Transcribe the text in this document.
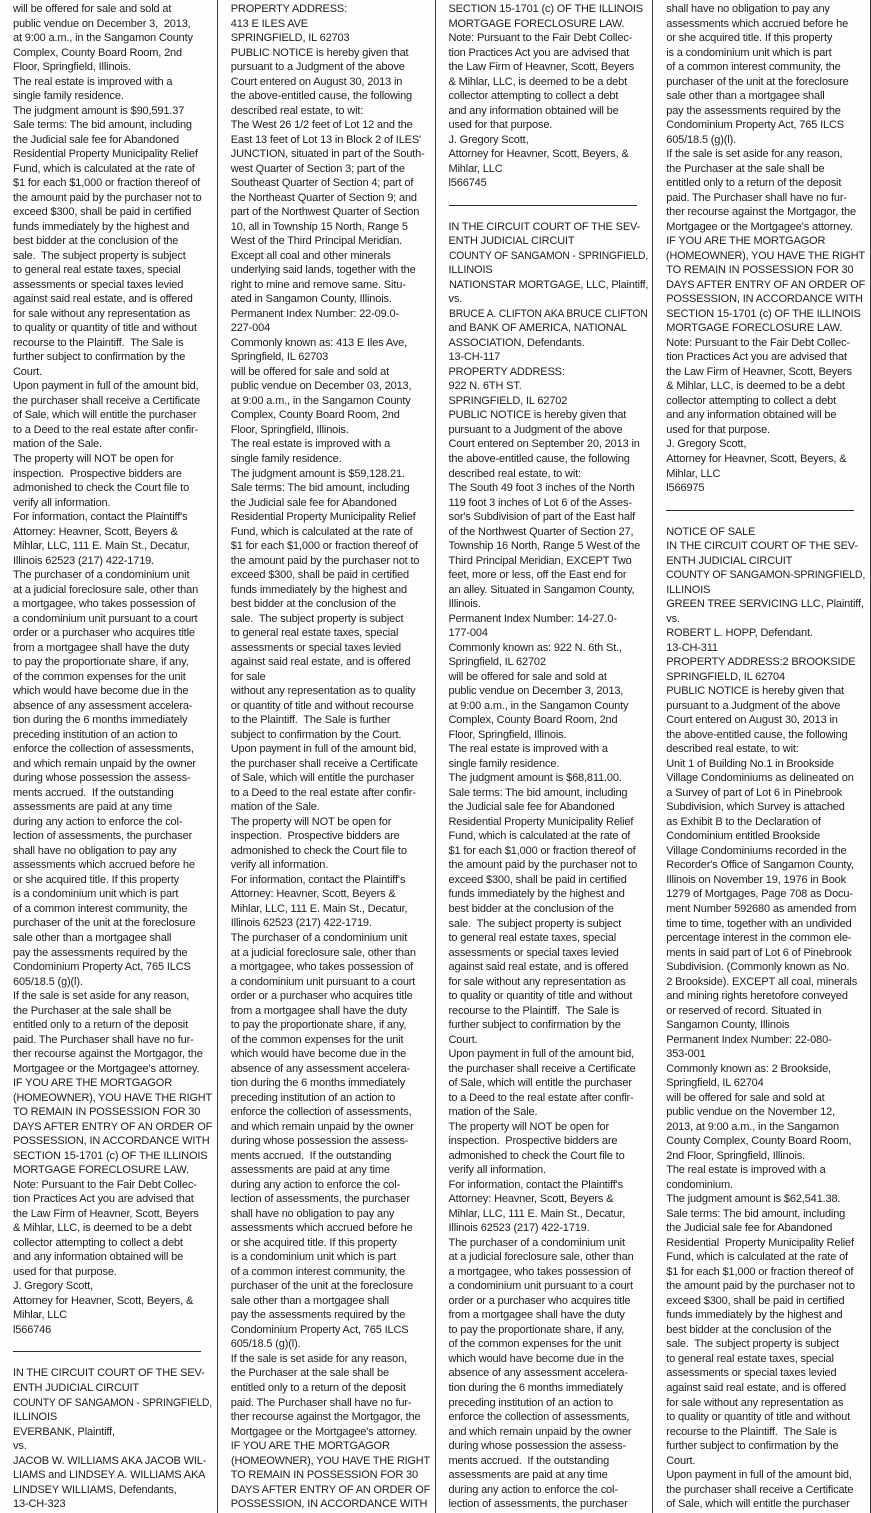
will be offered for sale and sold at
public vendue on December 3,  2013,
at 9:00 a.m., in the Sangamon County
Complex, County Board Room, 2nd
Floor, Springfield, Illinois.
The real estate is improved with a
single family residence.
The judgment amount is $90,591.37
Sale terms: The bid amount, including
the Judicial sale fee for Abandoned
Residential Property Municipality Relief
Fund, which is calculated at the rate of
$1 for each $1,000 or fraction thereof of
the amount paid by the purchaser not to
exceed $300, shall be paid in certified
funds immediately by the highest and
best bidder at the conclusion of the
sale.  The subject property is subject
to general real estate taxes, special
assessments or special taxes levied
against said real estate, and is offered
for sale without any representation as
to quality or quantity of title and without
recourse to the Plaintiff.  The Sale is
further subject to confirmation by the
Court.
Upon payment in full of the amount bid,
the purchaser shall receive a Certificate
of Sale, which will entitle the purchaser
to a Deed to the real estate after confir-
mation of the Sale.
The property will NOT be open for
inspection.  Prospective bidders are
admonished to check the Court file to
verify all information.
For information, contact the Plaintiff's
Attorney: Heavner, Scott, Beyers &
Mihlar, LLC, 111 E. Main St., Decatur,
Illinois 62523 (217) 422-1719.
The purchaser of a condominium unit
at a judicial foreclosure sale, other than
a mortgagee, who takes possession of
a condominium unit pursuant to a court
order or a purchaser who acquires title
from a mortgagee shall have the duty
to pay the proportionate share, if any,
of the common expenses for the unit
which would have become due in the
absence of any assessment accelera-
tion during the 6 months immediately
preceding institution of an action to
enforce the collection of assessments,
and which remain unpaid by the owner
during whose possession the assess-
ments accrued.  If the outstanding
assessments are paid at any time
during any action to enforce the col-
lection of assessments, the purchaser
shall have no obligation to pay any
assessments which accrued before he
or she acquired title. If this property
is a condominium unit which is part
of a common interest community, the
purchaser of the unit at the foreclosure
sale other than a mortgagee shall
pay the assessments required by the
Condominium Property Act, 765 ILCS
605/18.5 (g)(l).
If the sale is set aside for any reason,
the Purchaser at the sale shall be
entitled only to a return of the deposit
paid. The Purchaser shall have no fur-
ther recourse against the Mortgagor, the
Mortgagee or the Mortgagee's attorney.
IF YOU ARE THE MORTGAGOR
(HOMEOWNER), YOU HAVE THE RIGHT
TO REMAIN IN POSSESSION FOR 30
DAYS AFTER ENTRY OF AN ORDER OF
POSSESSION, IN ACCORDANCE WITH
SECTION 15-1701 (c) OF THE ILLINOIS
MORTGAGE FORECLOSURE LAW.
Note: Pursuant to the Fair Debt Collec-
tion Practices Act you are advised that
the Law Firm of Heavner, Scott, Beyers
& Mihlar, LLC, is deemed to be a debt
collector attempting to collect a debt
and any information obtained will be
used for that purpose.
J. Gregory Scott,
Attorney for Heavner, Scott, Beyers, &
Mihlar, LLC
l566746
IN THE CIRCUIT COURT OF THE SEV-
ENTH JUDICIAL CIRCUIT
COUNTY OF SANGAMON - SPRINGFIELD,
ILLINOIS
EVERBANK, Plaintiff,
vs.
JACOB W. WILLIAMS AKA JACOB WIL-
LIAMS and LINDSEY A. WILLIAMS AKA
LINDSEY WILLIAMS, Defendants,
13-CH-323
PROPERTY ADDRESS:
413 E ILES AVE
SPRINGFIELD, IL 62703
PUBLIC NOTICE is hereby given that
pursuant to a Judgment of the above
Court entered on August 30, 2013 in
the above-entitled cause, the following
described real estate, to wit:
The West 26 1/2 feet of Lot 12 and the
East 13 feet of Lot 13 in Block 2 of ILES'
JUNCTION, situated in part of the South-
west Quarter of Section 3; part of the
Southeast Quarter of Section 4; part of
the Northeast Quarter of Section 9; and
part of the Northwest Quarter of Section
10, all in Township 15 North, Range 5
West of the Third Principal Meridian.
Except all coal and other minerals
underlying said lands, together with the
right to mine and remove same. Situ-
ated in Sangamon County, Illinois.
Permanent Index Number: 22-09.0-
227-004
Commonly known as: 413 E Iles Ave,
Springfield, IL 62703
will be offered for sale and sold at
public vendue on December 03, 2013,
at 9:00 a.m., in the Sangamon County
Complex, County Board Room, 2nd
Floor, Springfield, Illinois.
The real estate is improved with a
single family residence.
The judgment amount is $59,128.21.
Sale terms: The bid amount, including
the Judicial sale fee for Abandoned
Residential Property Municipality Relief
Fund, which is calculated at the rate of
$1 for each $1,000 or fraction thereof of
the amount paid by the purchaser not to
exceed $300, shall be paid in certified
funds immediately by the highest and
best bidder at the conclusion of the
sale.  The subject property is subject
to general real estate taxes, special
assessments or special taxes levied
against said real estate, and is offered
for sale
without any representation as to quality
or quantity of title and without recourse
to the Plaintiff.  The Sale is further
subject to confirmation by the Court.
Upon payment in full of the amount bid,
the purchaser shall receive a Certificate
of Sale, which will entitle the purchaser
to a Deed to the real estate after confir-
mation of the Sale.
The property will NOT be open for
inspection.  Prospective bidders are
admonished to check the Court file to
verify all information.
For information, contact the Plaintiff's
Attorney: Heavner, Scott, Beyers &
Mihlar, LLC, 111 E. Main St., Decatur,
Illinois 62523 (217) 422-1719.
The purchaser of a condominium unit
at a judicial foreclosure sale, other than
a mortgagee, who takes possession of
a condominium unit pursuant to a court
order or a purchaser who acquires title
from a mortgagee shall have the duty
to pay the proportionate share, if any,
of the common expenses for the unit
which would have become due in the
absence of any assessment accelera-
tion during the 6 months immediately
preceding institution of an action to
enforce the collection of assessments,
and which remain unpaid by the owner
during whose possession the assess-
ments accrued.  If the outstanding
assessments are paid at any time
during any action to enforce the col-
lection of assessments, the purchaser
shall have no obligation to pay any
assessments which accrued before he
or she acquired title. If this property
is a condominium unit which is part
of a common interest community, the
purchaser of the unit at the foreclosure
sale other than a mortgagee shall
pay the assessments required by the
Condominium Property Act, 765 ILCS
605/18.5 (g)(l).
If the sale is set aside for any reason,
the Purchaser at the sale shall be
entitled only to a return of the deposit
paid. The Purchaser shall have no fur-
ther recourse against the Mortgagor, the
Mortgagee or the Mortgagee's attorney.
IF YOU ARE THE MORTGAGOR
(HOMEOWNER), YOU HAVE THE RIGHT
TO REMAIN IN POSSESSION FOR 30
DAYS AFTER ENTRY OF AN ORDER OF
POSSESSION, IN ACCORDANCE WITH
SECTION 15-1701 (c) OF THE ILLINOIS
MORTGAGE FORECLOSURE LAW.
Note: Pursuant to the Fair Debt Collec-
tion Practices Act you are advised that
the Law Firm of Heavner, Scott, Beyers
& Mihlar, LLC, is deemed to be a debt
collector attempting to collect a debt
and any information obtained will be
used for that purpose.
J. Gregory Scott,
Attorney for Heavner, Scott, Beyers, &
Mihlar, LLC
l566745
IN THE CIRCUIT COURT OF THE SEV-
ENTH JUDICIAL CIRCUIT
COUNTY OF SANGAMON - SPRINGFIELD,
ILLINOIS
NATIONSTAR MORTGAGE, LLC, Plaintiff,
vs.
BRUCE A. CLIFTON AKA BRUCE CLIFTON
and BANK OF AMERICA, NATIONAL
ASSOCIATION, Defendants.
13-CH-117
PROPERTY ADDRESS:
922 N. 6TH ST.
SPRINGFIELD, IL 62702
PUBLIC NOTICE is hereby given that
pursuant to a Judgment of the above
Court entered on September 20, 2013 in
the above-entitled cause, the following
described real estate, to wit:
The South 49 foot 3 inches of the North
119 foot 3 inches of Lot 6 of the Asses-
sor's Subdivision of part of the East half
of the Northwest Quarter of Section 27,
Township 16 North, Range 5 West of the
Third Principal Meridian, EXCEPT Two
feet, more or less, off the East end for
an alley. Situated in Sangamon County,
Illinois.
Permanent Index Number: 14-27.0-
177-004
Commonly known as: 922 N. 6th St.,
Springfield, IL 62702
will be offered for sale and sold at
public vendue on December 3, 2013,
at 9:00 a.m., in the Sangamon County
Complex, County Board Room, 2nd
Floor, Springfield, Illinois.
The real estate is improved with a
single family residence.
The judgment amount is $68,811.00.
Sale terms: The bid amount, including
the Judicial sale fee for Abandoned
Residential Property Municipality Relief
Fund, which is calculated at the rate of
$1 for each $1,000 or fraction thereof of
the amount paid by the purchaser not to
exceed $300, shall be paid in certified
funds immediately by the highest and
best bidder at the conclusion of the
sale.  The subject property is subject
to general real estate taxes, special
assessments or special taxes levied
against said real estate, and is offered
for sale without any representation as
to quality or quantity of title and without
recourse to the Plaintiff.  The Sale is
further subject to confirmation by the
Court.
Upon payment in full of the amount bid,
the purchaser shall receive a Certificate
of Sale, which will entitle the purchaser
to a Deed to the real estate after confir-
mation of the Sale.
The property will NOT be open for
inspection.  Prospective bidders are
admonished to check the Court file to
verify all information.
For information, contact the Plaintiff's
Attorney: Heavner, Scott, Beyers &
Mihlar, LLC, 111 E. Main St., Decatur,
Illinois 62523 (217) 422-1719.
The purchaser of a condominium unit
at a judicial foreclosure sale, other than
a mortgagee, who takes possession of
a condominium unit pursuant to a court
order or a purchaser who acquires title
from a mortgagee shall have the duty
to pay the proportionate share, if any,
of the common expenses for the unit
which would have become due in the
absence of any assessment accelera-
tion during the 6 months immediately
preceding institution of an action to
enforce the collection of assessments,
and which remain unpaid by the owner
during whose possession the assess-
ments accrued.  If the outstanding
assessments are paid at any time
during any action to enforce the col-
lection of assessments, the purchaser
shall have no obligation to pay any
assessments which accrued before he
or she acquired title. If this property
is a condominium unit which is part
of a common interest community, the
purchaser of the unit at the foreclosure
sale other than a mortgagee shall
pay the assessments required by the
Condominium Property Act, 765 ILCS
605/18.5 (g)(l).
If the sale is set aside for any reason,
the Purchaser at the sale shall be
entitled only to a return of the deposit
paid. The Purchaser shall have no fur-
ther recourse against the Mortgagor, the
Mortgagee or the Mortgagee's attorney.
IF YOU ARE THE MORTGAGOR
(HOMEOWNER), YOU HAVE THE RIGHT
TO REMAIN IN POSSESSION FOR 30
DAYS AFTER ENTRY OF AN ORDER OF
POSSESSION, IN ACCORDANCE WITH
SECTION 15-1701 (c) OF THE ILLINOIS
MORTGAGE FORECLOSURE LAW.
Note: Pursuant to the Fair Debt Collec-
tion Practices Act you are advised that
the Law Firm of Heavner, Scott, Beyers
& Mihlar, LLC, is deemed to be a debt
collector attempting to collect a debt
and any information obtained will be
used for that purpose.
J. Gregory Scott,
Attorney for Heavner, Scott, Beyers, &
Mihlar, LLC
l566975
NOTICE OF SALE
IN THE CIRCUIT COURT OF THE SEV-
ENTH JUDICIAL CIRCUIT
COUNTY OF SANGAMON-SPRINGFIELD,
ILLINOIS
GREEN TREE SERVICING LLC, Plaintiff,
vs.
ROBERT L. HOPP, Defendant.
13-CH-311
PROPERTY ADDRESS:2 BROOKSIDE
SPRINGFIELD, IL 62704
PUBLIC NOTICE is hereby given that
pursuant to a Judgment of the above
Court entered on August 30, 2013 in
the above-entitled cause, the following
described real estate, to wit:
Unit 1 of Building No.1 in Brookside
Village Condominiums as delineated on
a Survey of part of Lot 6 in Pinebrook
Subdivision, which Survey is attached
as Exhibit B to the Declaration of
Condominium entitled Brookside
Village Condominiums recorded in the
Recorder's Office of Sangamon County,
Illinois on November 19, 1976 in Book
1279 of Mortgages, Page 708 as Docu-
ment Number 592680 as amended from
time to time, together with an undivided
percentage interest in the common ele-
ments in said part of Lot 6 of Pinebrook
Subdivision. (Commonly known as No.
2 Brookside). EXCEPT all coal, minerals
and mining rights heretofore conveyed
or reserved of record. Situated in
Sangamon County, Illinois
Permanent Index Number: 22-080-
353-001
Commonly known as: 2 Brookside,
Springfield, IL 62704
will be offered for sale and sold at
public vendue on the November 12,
2013, at 9:00 a.m., in the Sangamon
County Complex, County Board Room,
2nd Floor, Springfield, Illinois.
The real estate is improved with a
condominium.
The judgment amount is $62,541.38.
Sale terms: The bid amount, including
the Judicial sale fee for Abandoned
Residential  Property Municipality Relief
Fund, which is calculated at the rate of
$1 for each $1,000 or fraction thereof of
the amount paid by the purchaser not to
exceed $300, shall be paid in certified
funds immediately by the highest and
best bidder at the conclusion of the
sale.  The subject property is subject
to general real estate taxes, special
assessments or special taxes levied
against said real estate, and is offered
for sale without any representation as
to quality or quantity of title and without
recourse to the Plaintiff.  The Sale is
further subject to confirmation by the
Court.
Upon payment in full of the amount bid,
the purchaser shall receive a Certificate
of Sale, which will entitle the purchaser
